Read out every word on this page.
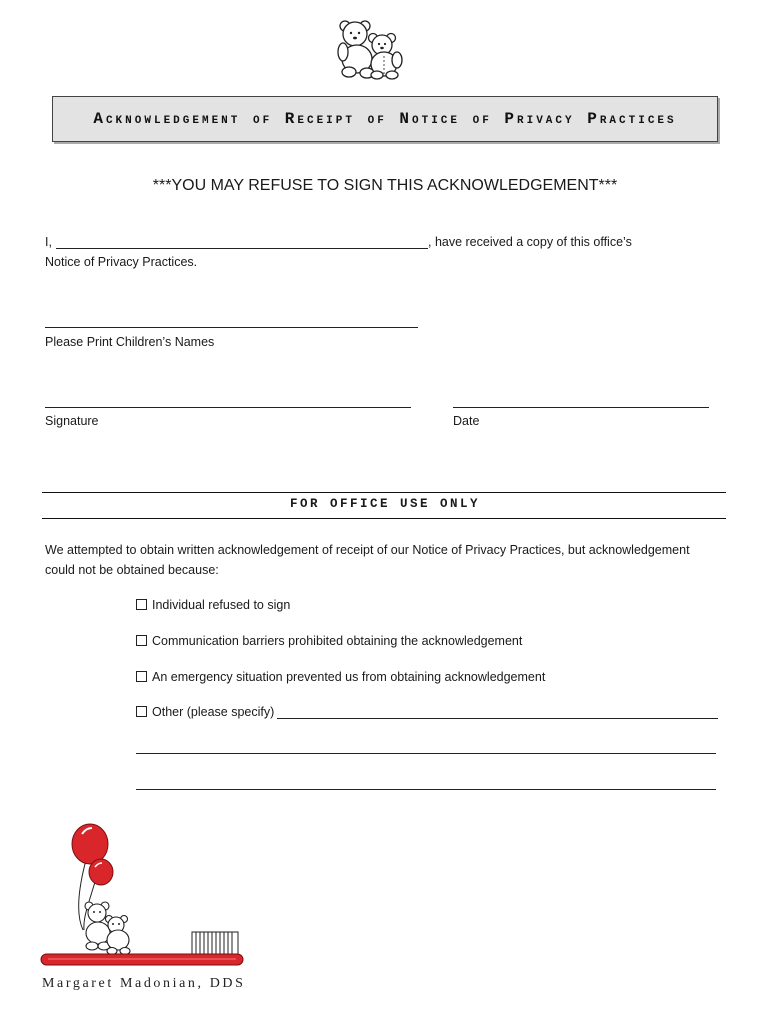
Acknowledgement of Receipt of Notice of Privacy Practices
***YOU MAY REFUSE TO SIGN THIS ACKNOWLEDGEMENT***
I,	, have received a copy of this office’s
Notice of Privacy Practices.
Please Print Children’s Names
Signature	Date
FOR OFFICE USE ONLY
We attempted to obtain written acknowledgement of receipt of our Notice of Privacy Practices, but acknowledgement
could not be obtained because:
Individual refused to sign
Communication barriers prohibited obtaining the acknowledgement
An emergency situation prevented us from obtaining acknowledgement
Other (please specify)
Margaret Madonian, DDS
